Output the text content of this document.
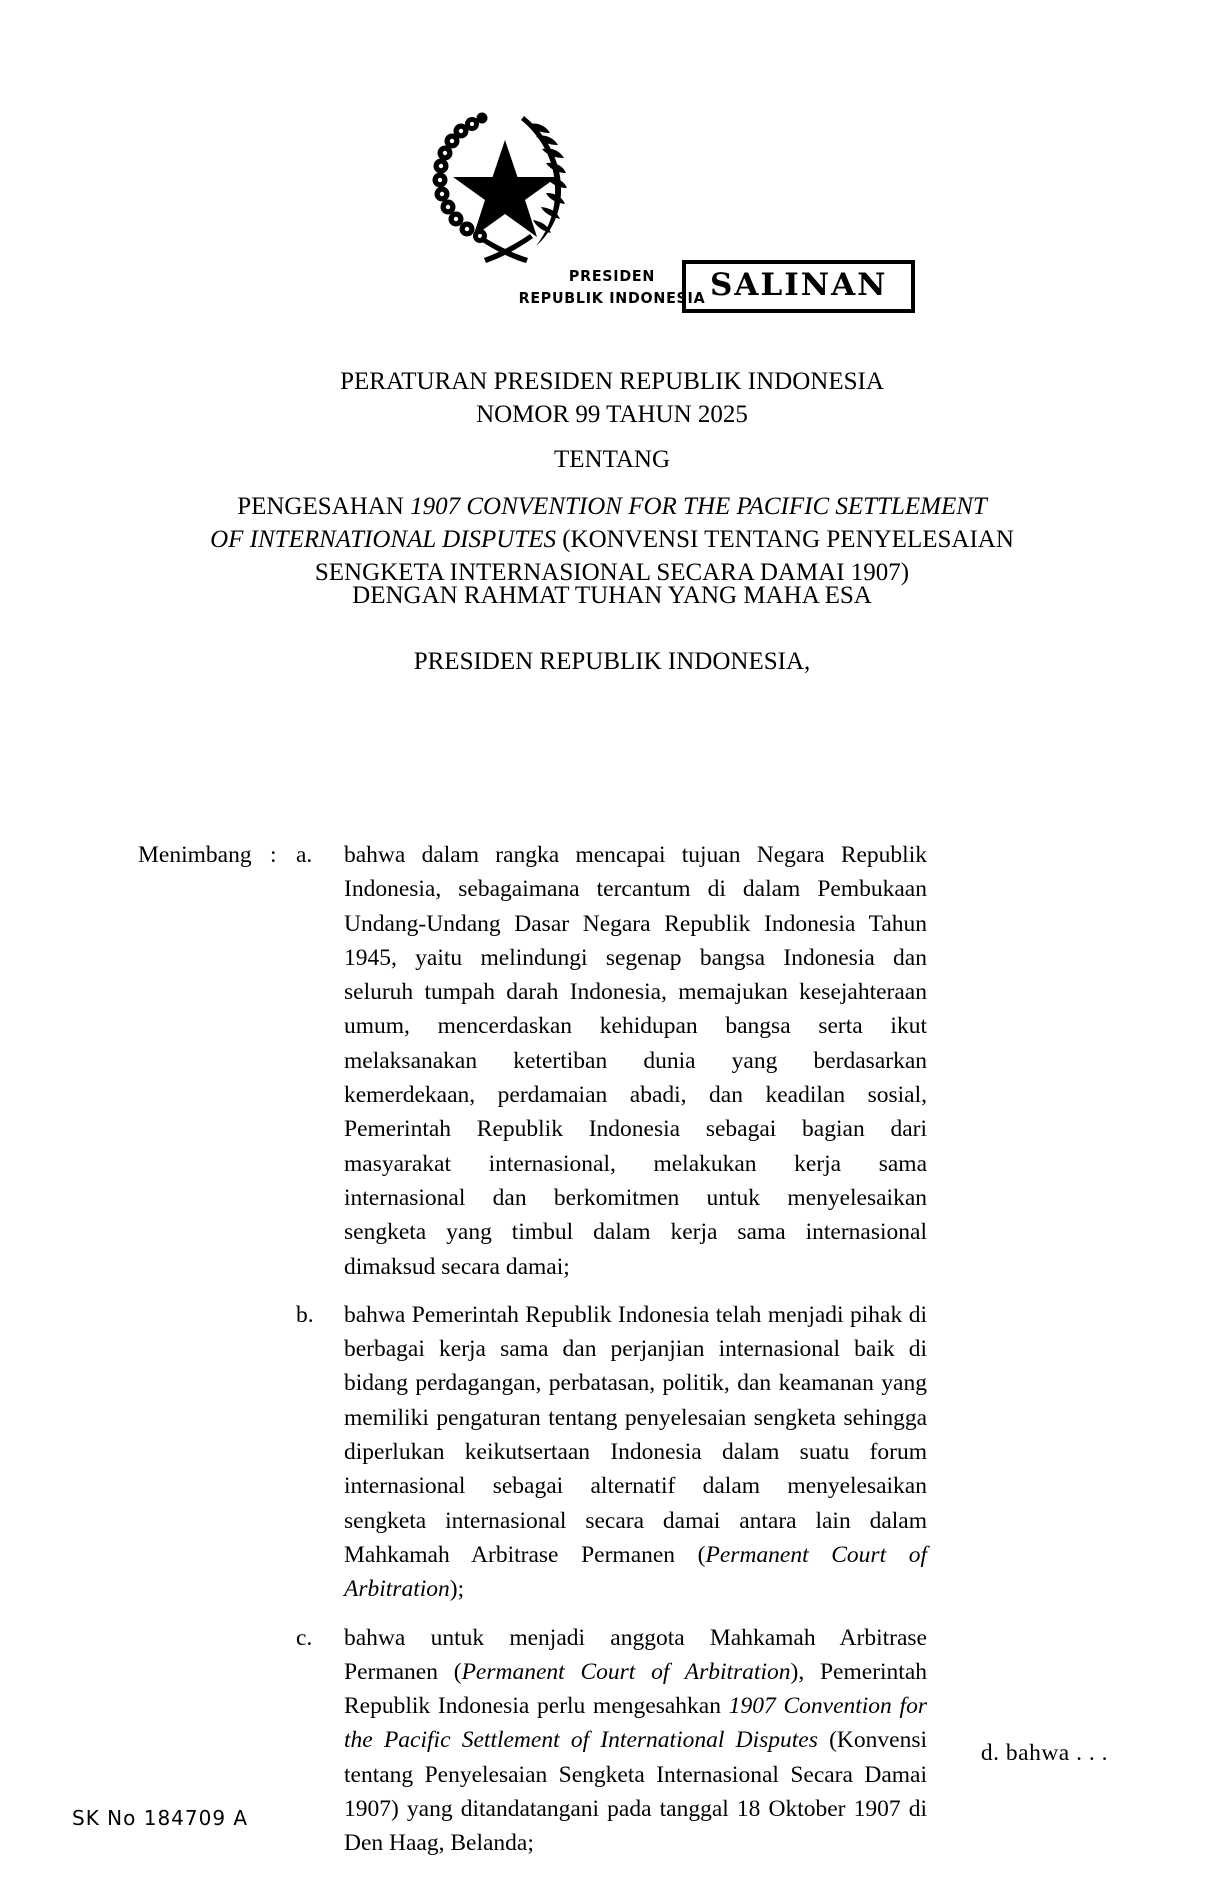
SALINAN
PRESIDEN
REPUBLIK INDONESIA
PERATURAN PRESIDEN REPUBLIK INDONESIA
NOMOR 99 TAHUN 2025
TENTANG
PENGESAHAN 1907 CONVENTION FOR THE PACIFIC SETTLEMENT
OF INTERNATIONAL DISPUTES (KONVENSI TENTANG PENYELESAIAN
SENGKETA INTERNASIONAL SECARA DAMAI 1907)
DENGAN RAHMAT TUHAN YANG MAHA ESA
PRESIDEN REPUBLIK INDONESIA,
Menimbang : a.	bahwa dalam rangka mencapai tujuan Negara Republik Indonesia, sebagaimana tercantum di dalam Pembukaan Undang-Undang Dasar Negara Republik Indonesia Tahun 1945, yaitu melindungi segenap bangsa Indonesia dan seluruh tumpah darah Indonesia, memajukan kesejahteraan umum, mencerdaskan kehidupan bangsa serta ikut melaksanakan ketertiban dunia yang berdasarkan kemerdekaan, perdamaian abadi, dan keadilan sosial, Pemerintah Republik Indonesia sebagai bagian dari masyarakat internasional, melakukan kerja sama internasional dan berkomitmen untuk menyelesaikan sengketa yang timbul dalam kerja sama internasional dimaksud secara damai;
b.	bahwa Pemerintah Republik Indonesia telah menjadi pihak di berbagai kerja sama dan perjanjian internasional baik di bidang perdagangan, perbatasan, politik, dan keamanan yang memiliki pengaturan tentang penyelesaian sengketa sehingga diperlukan keikutsertaan Indonesia dalam suatu forum internasional sebagai alternatif dalam menyelesaikan sengketa internasional secara damai antara lain dalam Mahkamah Arbitrase Permanen (Permanent Court of Arbitration);
c.	bahwa untuk menjadi anggota Mahkamah Arbitrase Permanen (Permanent Court of Arbitration), Pemerintah Republik Indonesia perlu mengesahkan 1907 Convention for the Pacific Settlement of International Disputes (Konvensi tentang Penyelesaian Sengketa Internasional Secara Damai 1907) yang ditandatangani pada tanggal 18 Oktober 1907 di Den Haag, Belanda;
d. bahwa . . .
SK No 184709 A
